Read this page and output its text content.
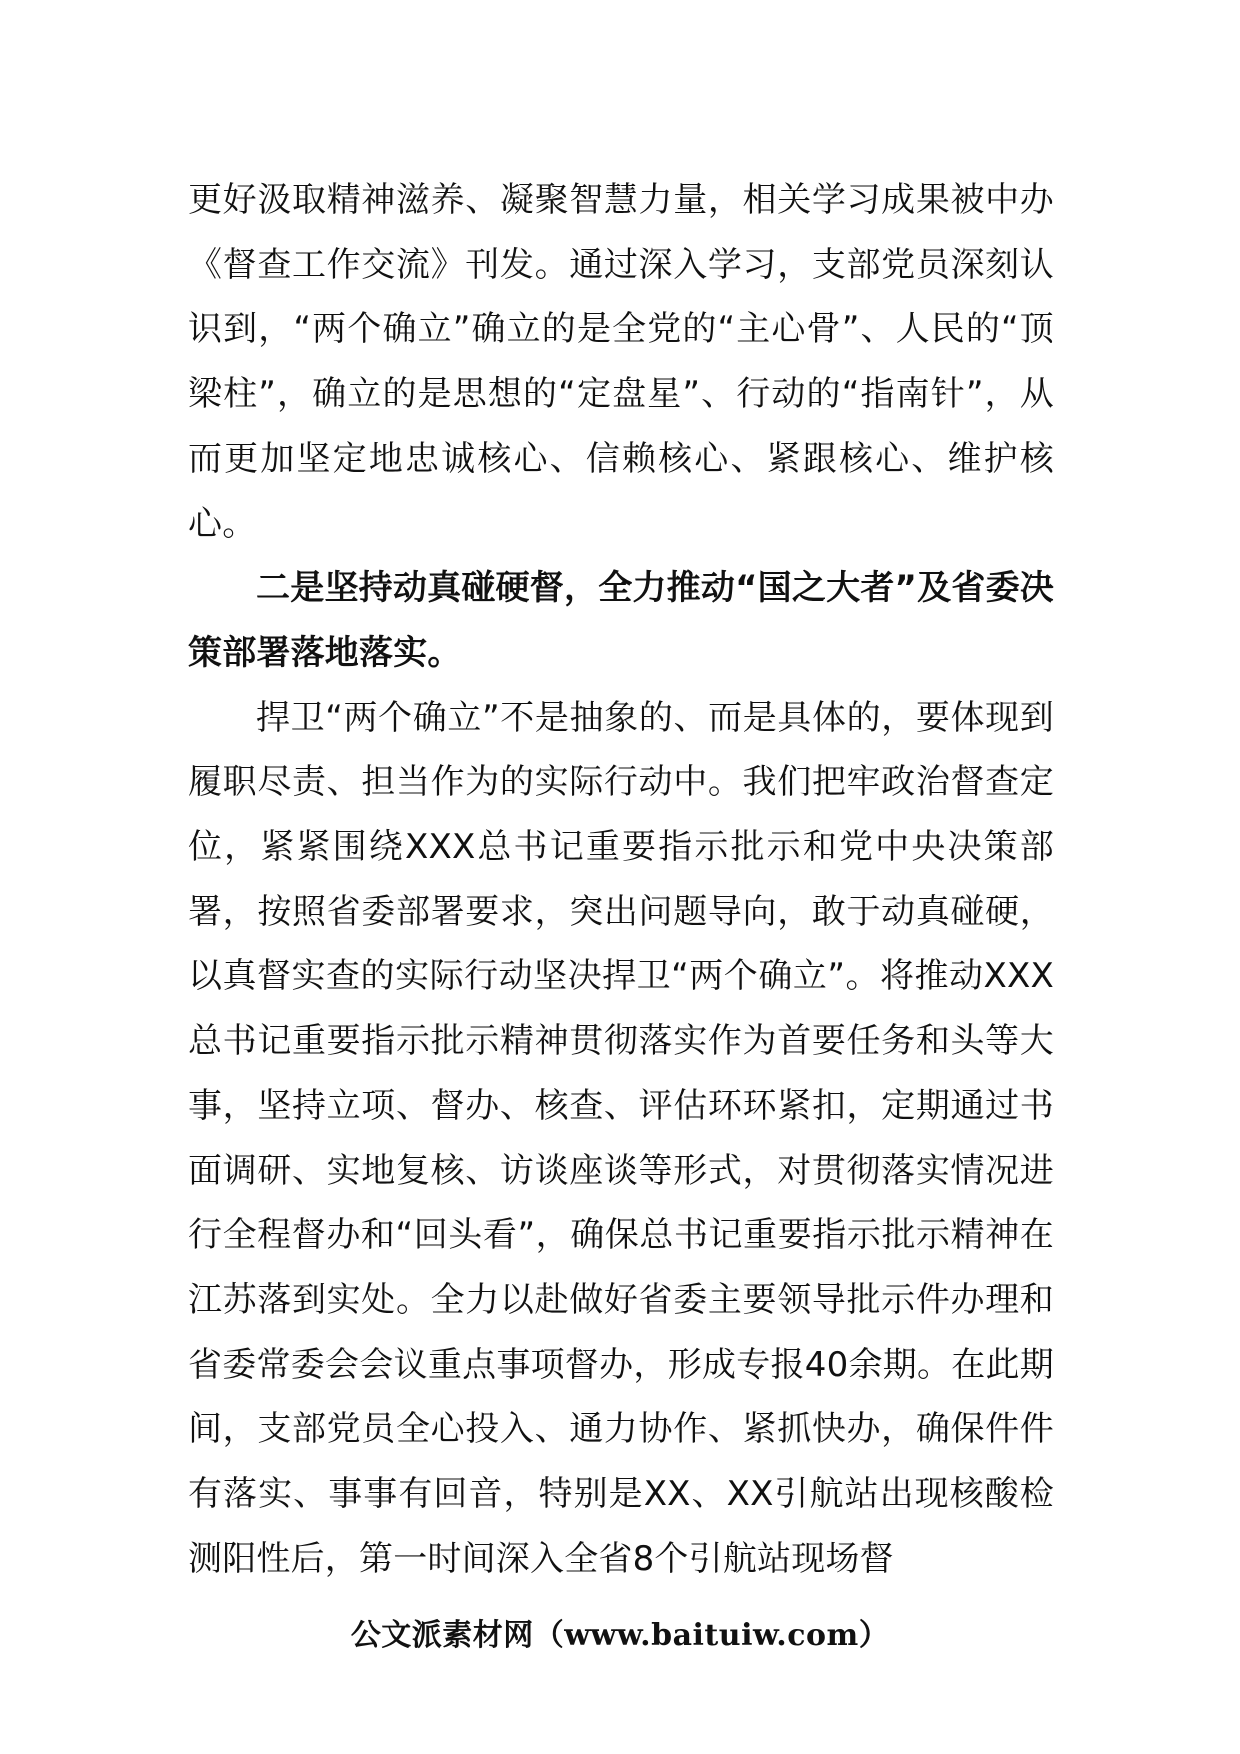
更好汲取精神滋养、凝聚智慧力量，相关学习成果被中办《督查工作交流》刊发。通过深入学习，支部党员深刻认识到，“两个确立”确立的是全党的“主心骨”、人民的“顶梁柱”，确立的是思想的“定盘星”、行动的“指南针”，从而更加坚定地忠诚核心、信赖核心、紧跟核心、维护核心。

二是坚持动真碰硬督，全力推动“国之大者”及省委决策部署落地落实。

捍卫“两个确立”不是抽象的、而是具体的，要体现到履职尽责、担当作为的实际行动中。我们把牢政治督查定位，紧紧围绕XXX总书记重要指示批示和党中央决策部署，按照省委部署要求，突出问题导向，敢于动真碰硬，以真督实查的实际行动坚决捍卫“两个确立”。将推动XXX总书记重要指示批示精神贯彻落实作为首要任务和头等大事，坚持立项、督办、核查、评估环环紧扣，定期通过书面调研、实地复核、访谈座谈等形式，对贯彻落实情况进行全程督办和“回头看”，确保总书记重要指示批示精神在江苏落到实处。全力以赴做好省委主要领导批示件办理和省委常委会会议重点事项督办，形成专报40余期。在此期间，支部党员全心投入、通力协作、紧抓快办，确保件件有落实、事事有回音，特别是XX、XX引航站出现核酸检测阳性后，第一时间深入全省8个引航站现场督

公文派素材网（www.baituiw.com）
